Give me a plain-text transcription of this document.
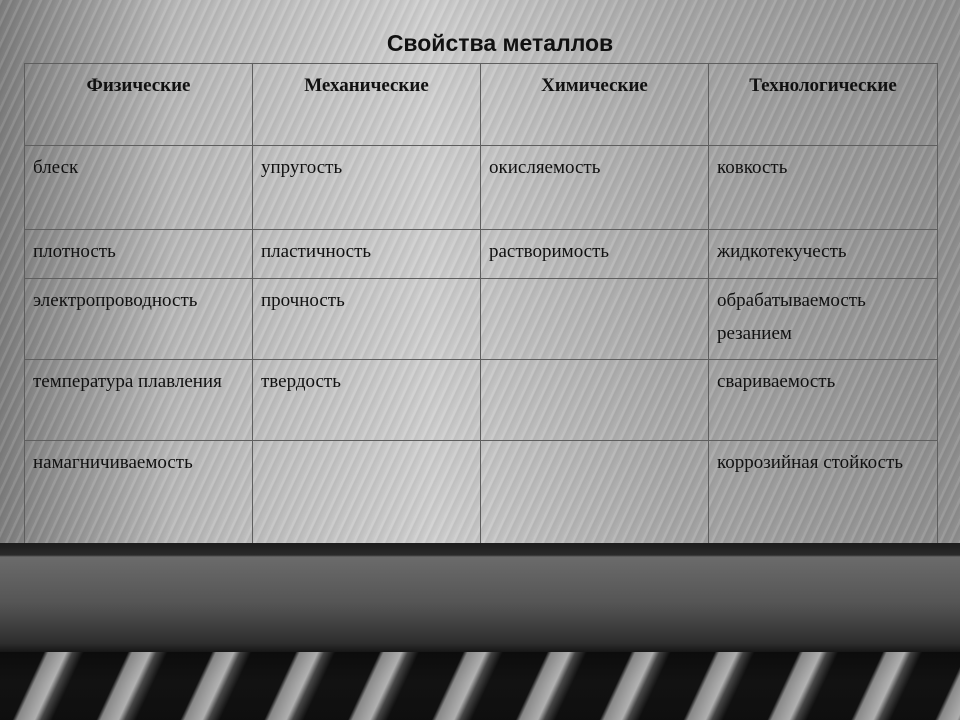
Свойства металлов
Физические	Механические	Химические	Технологические
блеск	упругость	окисляемость	ковкость
плотность	пластичность	растворимость	жидкотекучесть
электропроводность	прочность		обрабатываемость резанием
температура плавления	твердость		свариваемость
намагничиваемость			коррозийная стойкость
